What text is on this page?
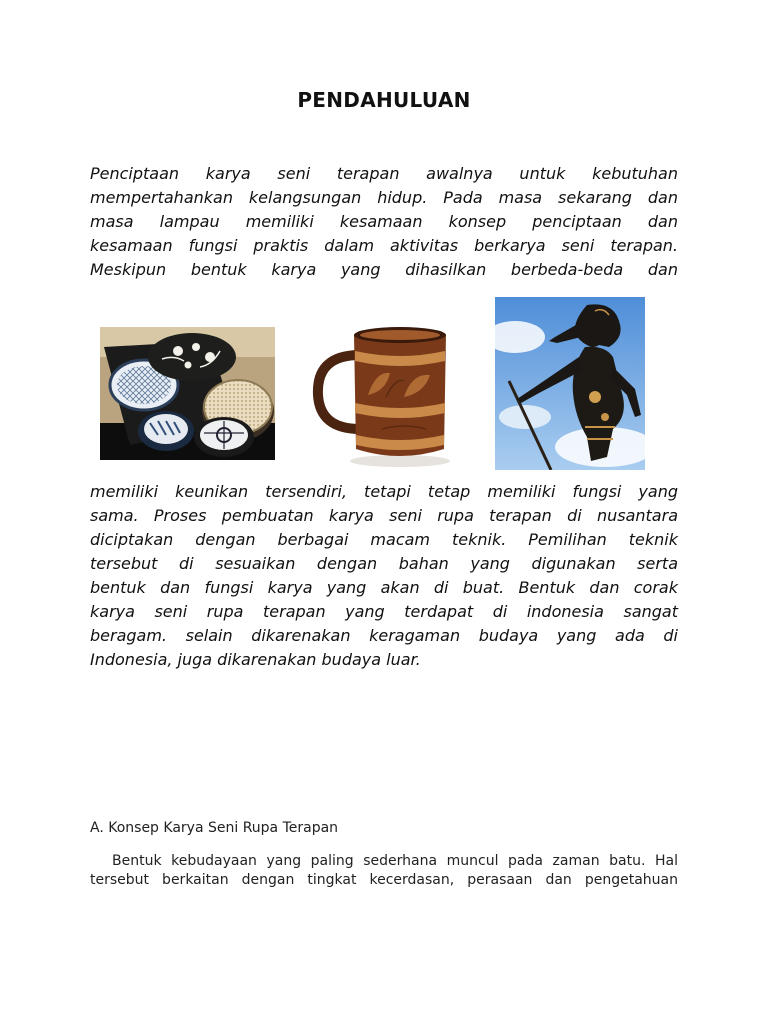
PENDAHULUAN

Penciptaan karya seni terapan awalnya untuk kebutuhan
mempertahankan kelangsungan hidup. Pada masa sekarang dan
masa lampau memiliki kesamaan konsep penciptaan dan
kesamaan fungsi praktis dalam aktivitas berkarya seni terapan.
Meskipun bentuk karya yang dihasilkan berbeda-beda dan

memiliki keunikan tersendiri, tetapi tetap memiliki fungsi yang
sama. Proses pembuatan karya seni rupa terapan di nusantara
diciptakan dengan berbagai macam teknik. Pemilihan teknik
tersebut di sesuaikan dengan bahan yang digunakan serta
bentuk dan fungsi karya yang akan di buat. Bentuk dan corak
karya seni rupa terapan yang terdapat di indonesia sangat
beragam. selain dikarenakan keragaman budaya yang ada di
Indonesia, juga dikarenakan budaya luar.

A. Konsep Karya Seni Rupa Terapan

Bentuk kebudayaan yang paling sederhana muncul pada zaman batu. Hal
tersebut berkaitan dengan tingkat kecerdasan, perasaan dan pengetahuan
